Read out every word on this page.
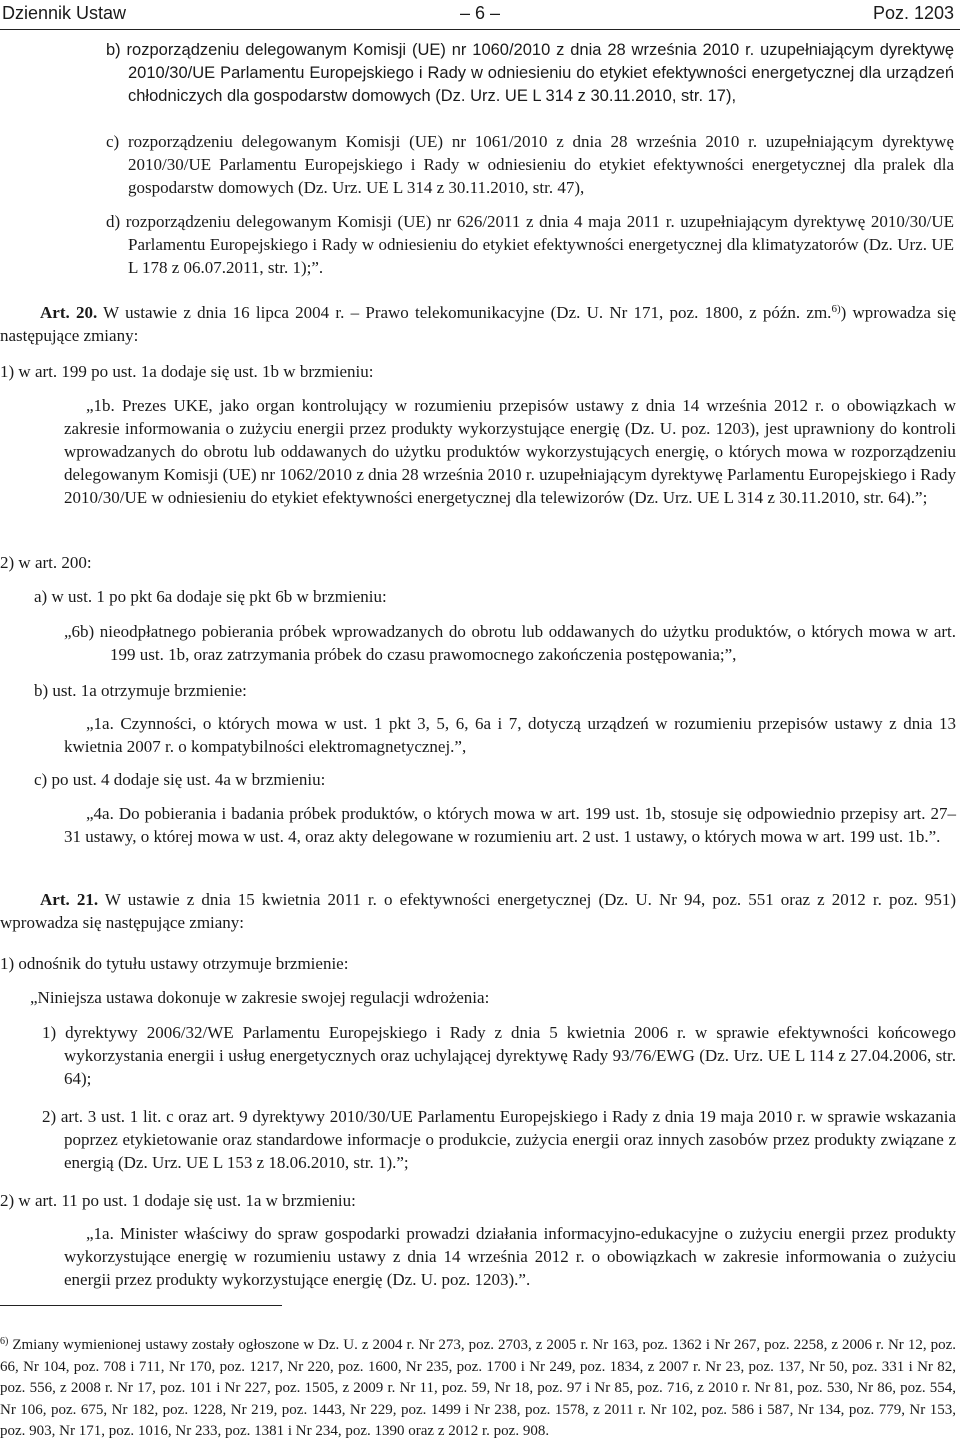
Dziennik Ustaw	– 6 –	Poz. 1203

b) rozporządzeniu delegowanym Komisji (UE) nr 1060/2010 z dnia 28 września 2010 r. uzupełniającym dyrektywę 2010/30/UE Parlamentu Europejskiego i Rady w odniesieniu do etykiet efektywności energetycznej dla urządzeń chłodniczych dla gospodarstw domowych (Dz. Urz. UE L 314 z 30.11.2010, str. 17),

c) rozporządzeniu delegowanym Komisji (UE) nr 1061/2010 z dnia 28 września 2010 r. uzupełniającym dyrektywę 2010/30/UE Parlamentu Europejskiego i Rady w odniesieniu do etykiet efektywności energetycznej dla pralek dla gospodarstw domowych (Dz. Urz. UE L 314 z 30.11.2010, str. 47),

d) rozporządzeniu delegowanym Komisji (UE) nr 626/2011 z dnia 4 maja 2011 r. uzupełniającym dyrektywę 2010/30/UE Parlamentu Europejskiego i Rady w odniesieniu do etykiet efektywności energetycznej dla klimatyzatorów (Dz. Urz. UE L 178 z 06.07.2011, str. 1);”.

Art. 20. W ustawie z dnia 16 lipca 2004 r. – Prawo telekomunikacyjne (Dz. U. Nr 171, poz. 1800, z późn. zm.$^{6)}$) wprowadza się następujące zmiany:

1) w art. 199 po ust. 1a dodaje się ust. 1b w brzmieniu:

„1b. Prezes UKE, jako organ kontrolujący w rozumieniu przepisów ustawy z dnia 14 września 2012 r. o obowiązkach w zakresie informowania o zużyciu energii przez produkty wykorzystujące energię (Dz. U. poz. 1203), jest uprawniony do kontroli wprowadzanych do obrotu lub oddawanych do użytku produktów wykorzystujących energię, o których mowa w rozporządzeniu delegowanym Komisji (UE) nr 1062/2010 z dnia 28 września 2010 r. uzupełniającym dyrektywę Parlamentu Europejskiego i Rady 2010/30/UE w odniesieniu do etykiet efektywności energetycznej dla telewizorów (Dz. Urz. UE L 314 z 30.11.2010, str. 64).”;

2) w art. 200:

a) w ust. 1 po pkt 6a dodaje się pkt 6b w brzmieniu:

„6b) nieodpłatnego pobierania próbek wprowadzanych do obrotu lub oddawanych do użytku produktów, o których mowa w art. 199 ust. 1b, oraz zatrzymania próbek do czasu prawomocnego zakończenia postępowania;”,

b) ust. 1a otrzymuje brzmienie:

„1a. Czynności, o których mowa w ust. 1 pkt 3, 5, 6, 6a i 7, dotyczą urządzeń w rozumieniu przepisów ustawy z dnia 13 kwietnia 2007 r. o kompatybilności elektromagnetycznej.”,

c) po ust. 4 dodaje się ust. 4a w brzmieniu:

„4a. Do pobierania i badania próbek produktów, o których mowa w art. 199 ust. 1b, stosuje się odpowiednio przepisy art. 27–31 ustawy, o której mowa w ust. 4, oraz akty delegowane w rozumieniu art. 2 ust. 1 ustawy, o których mowa w art. 199 ust. 1b.”.

Art. 21. W ustawie z dnia 15 kwietnia 2011 r. o efektywności energetycznej (Dz. U. Nr 94, poz. 551 oraz z 2012 r. poz. 951) wprowadza się następujące zmiany:

1) odnośnik do tytułu ustawy otrzymuje brzmienie:

„Niniejsza ustawa dokonuje w zakresie swojej regulacji wdrożenia:

1) dyrektywy 2006/32/WE Parlamentu Europejskiego i Rady z dnia 5 kwietnia 2006 r. w sprawie efektywności końcowego wykorzystania energii i usług energetycznych oraz uchylającej dyrektywę Rady 93/76/EWG (Dz. Urz. UE L 114 z 27.04.2006, str. 64);

2) art. 3 ust. 1 lit. c oraz art. 9 dyrektywy 2010/30/UE Parlamentu Europejskiego i Rady z dnia 19 maja 2010 r. w sprawie wskazania poprzez etykietowanie oraz standardowe informacje o produkcie, zużycia energii oraz innych zasobów przez produkty związane z energią (Dz. Urz. UE L 153 z 18.06.2010, str. 1).”;

2) w art. 11 po ust. 1 dodaje się ust. 1a w brzmieniu:

„1a. Minister właściwy do spraw gospodarki prowadzi działania informacyjno-edukacyjne o zużyciu energii przez produkty wykorzystujące energię w rozumieniu ustawy z dnia 14 września 2012 r. o obowiązkach w zakresie informowania o zużyciu energii przez produkty wykorzystujące energię (Dz. U. poz. 1203).”.

$^{6)}$ Zmiany wymienionej ustawy zostały ogłoszone w Dz. U. z 2004 r. Nr 273, poz. 2703, z 2005 r. Nr 163, poz. 1362 i Nr 267, poz. 2258, z 2006 r. Nr 12, poz. 66, Nr 104, poz. 708 i 711, Nr 170, poz. 1217, Nr 220, poz. 1600, Nr 235, poz. 1700 i Nr 249, poz. 1834, z 2007 r. Nr 23, poz. 137, Nr 50, poz. 331 i Nr 82, poz. 556, z 2008 r. Nr 17, poz. 101 i Nr 227, poz. 1505, z 2009 r. Nr 11, poz. 59, Nr 18, poz. 97 i Nr 85, poz. 716, z 2010 r. Nr 81, poz. 530, Nr 86, poz. 554, Nr 106, poz. 675, Nr 182, poz. 1228, Nr 219, poz. 1443, Nr 229, poz. 1499 i Nr 238, poz. 1578, z 2011 r. Nr 102, poz. 586 i 587, Nr 134, poz. 779, Nr 153, poz. 903, Nr 171, poz. 1016, Nr 233, poz. 1381 i Nr 234, poz. 1390 oraz z 2012 r. poz. 908.
